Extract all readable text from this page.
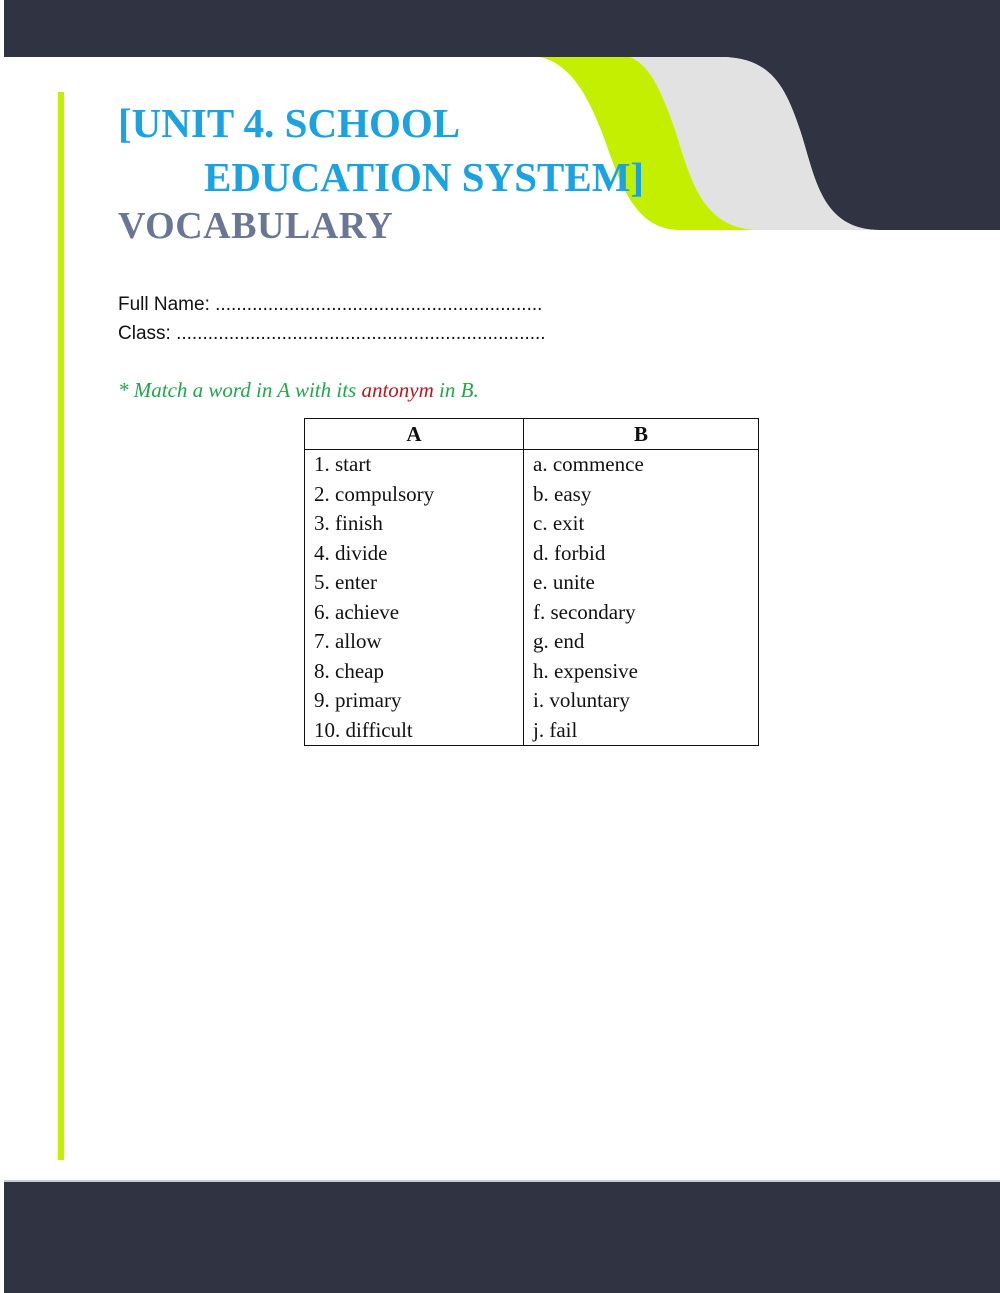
[UNIT 4. SCHOOL
EDUCATION SYSTEM]
VOCABULARY
Full Name: ..............................................................
Class: ......................................................................

* Match a word in A with its antonym in B.

A	B
1. start	a. commence
2. compulsory	b. easy
3. finish	c. exit
4. divide	d. forbid
5. enter	e. unite
6. achieve	f. secondary
7. allow	g. end
8. cheap	h. expensive
9. primary	i. voluntary
10. difficult	j. fail
